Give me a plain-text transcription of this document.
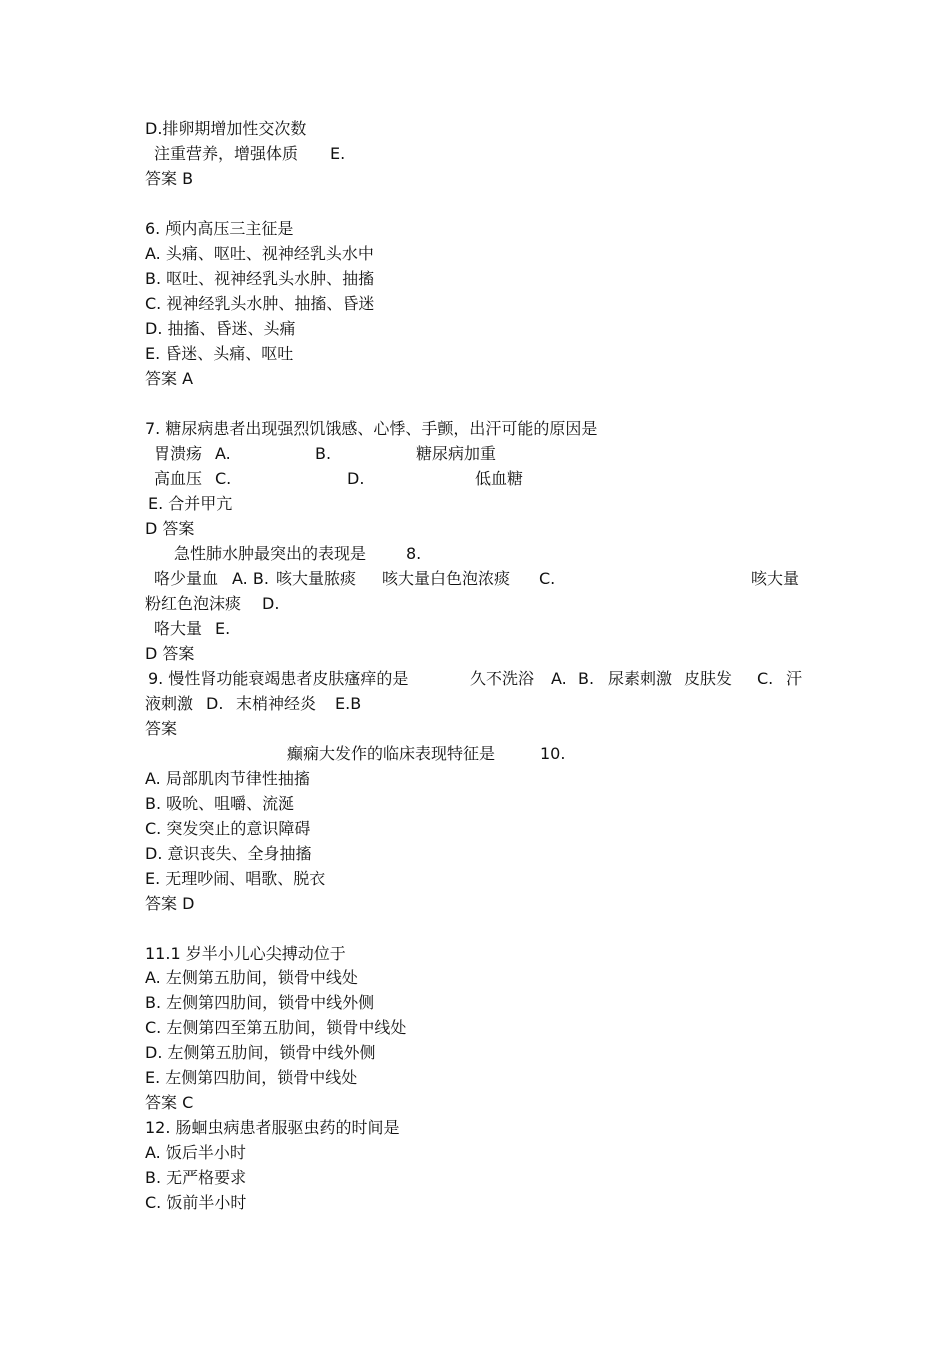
D.排卵期增加性交次数
注重营养，增强体质 E.
答案 B
6. 颅内高压三主征是
A. 头痛、呕吐、视神经乳头水中
B. 呕吐、视神经乳头水肿、抽搐
C. 视神经乳头水肿、抽搐、昏迷
D. 抽搐、昏迷、头痛
E. 昏迷、头痛、呕吐
答案 A
7. 糖尿病患者出现强烈饥饿感、心悸、手颤，出汗可能的原因是
胃溃疡 A.	B.	糖尿病加重
高血压 C.	D.	低血糖
E. 合并甲亢
D 答案
急性肺水肿最突出的表现是 8.
咯少量血 A. B. 咳大量脓痰 咳大量白色泡浓痰 C.	咳大量
粉红色泡沫痰 D.
咯大量 E.
D 答案
9. 慢性肾功能衰竭患者皮肤瘙痒的是	久不洗浴 A. B. 尿素刺激 皮肤发 C. 汗
液刺激 D. 末梢神经炎 E.B
答案
癫痫大发作的临床表现特征是	10.
A. 局部肌肉节律性抽搐
B. 吸吮、咀嚼、流涎
C. 突发突止的意识障碍
D. 意识丧失、全身抽搐
E. 无理吵闹、唱歌、脱衣
答案 D
11.1 岁半小儿心尖搏动位于
A. 左侧第五肋间，锁骨中线处
B. 左侧第四肋间，锁骨中线外侧
C. 左侧第四至第五肋间，锁骨中线处
D. 左侧第五肋间，锁骨中线外侧
E. 左侧第四肋间，锁骨中线处
答案 C
12. 肠蛔虫病患者服驱虫药的时间是
A. 饭后半小时
B. 无严格要求
C. 饭前半小时
